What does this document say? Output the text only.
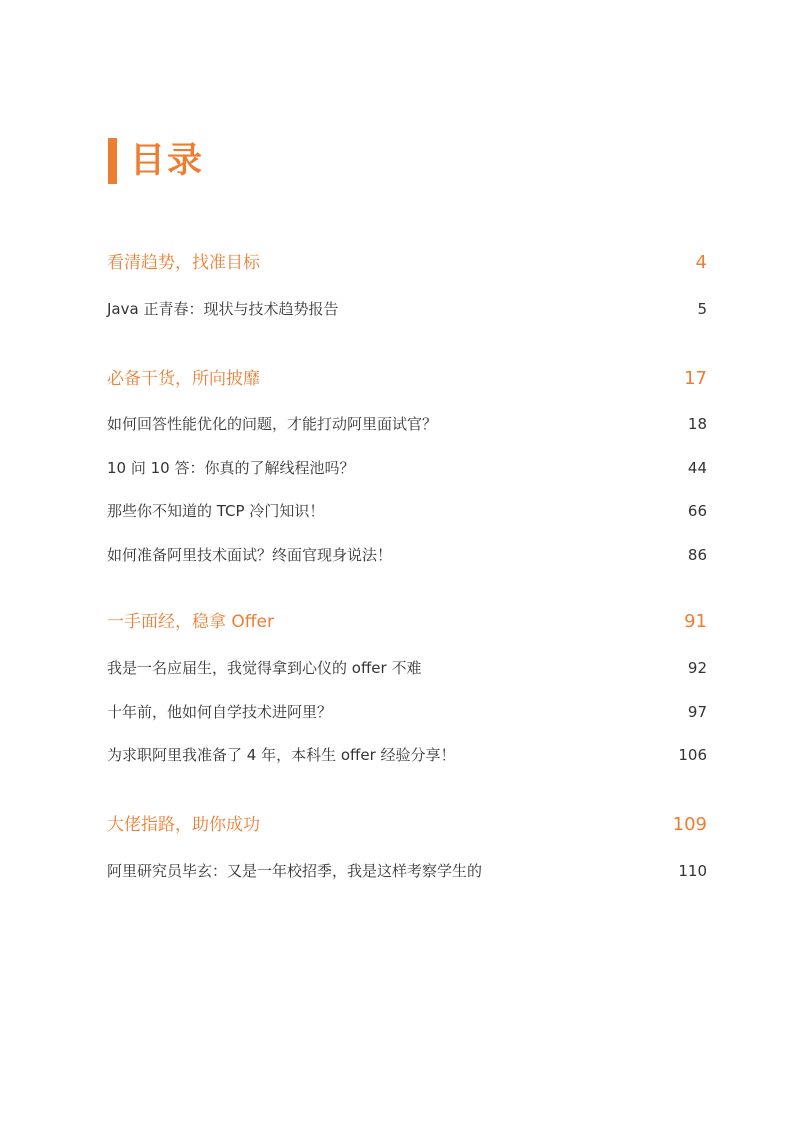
目录
看清趋势，找准目标	4
Java 正青春：现状与技术趋势报告	5
必备干货，所向披靡	17
如何回答性能优化的问题，才能打动阿里面试官？	18
10 问 10 答：你真的了解线程池吗？	44
那些你不知道的 TCP 冷门知识！	66
如何准备阿里技术面试？终面官现身说法！	86
一手面经，稳拿 Offer	91
我是一名应届生，我觉得拿到心仪的 offer 不难	92
十年前，他如何自学技术进阿里？	97
为求职阿里我准备了 4 年，本科生 offer 经验分享！	106
大佬指路，助你成功	109
阿里研究员毕玄：又是一年校招季，我是这样考察学生的	110
